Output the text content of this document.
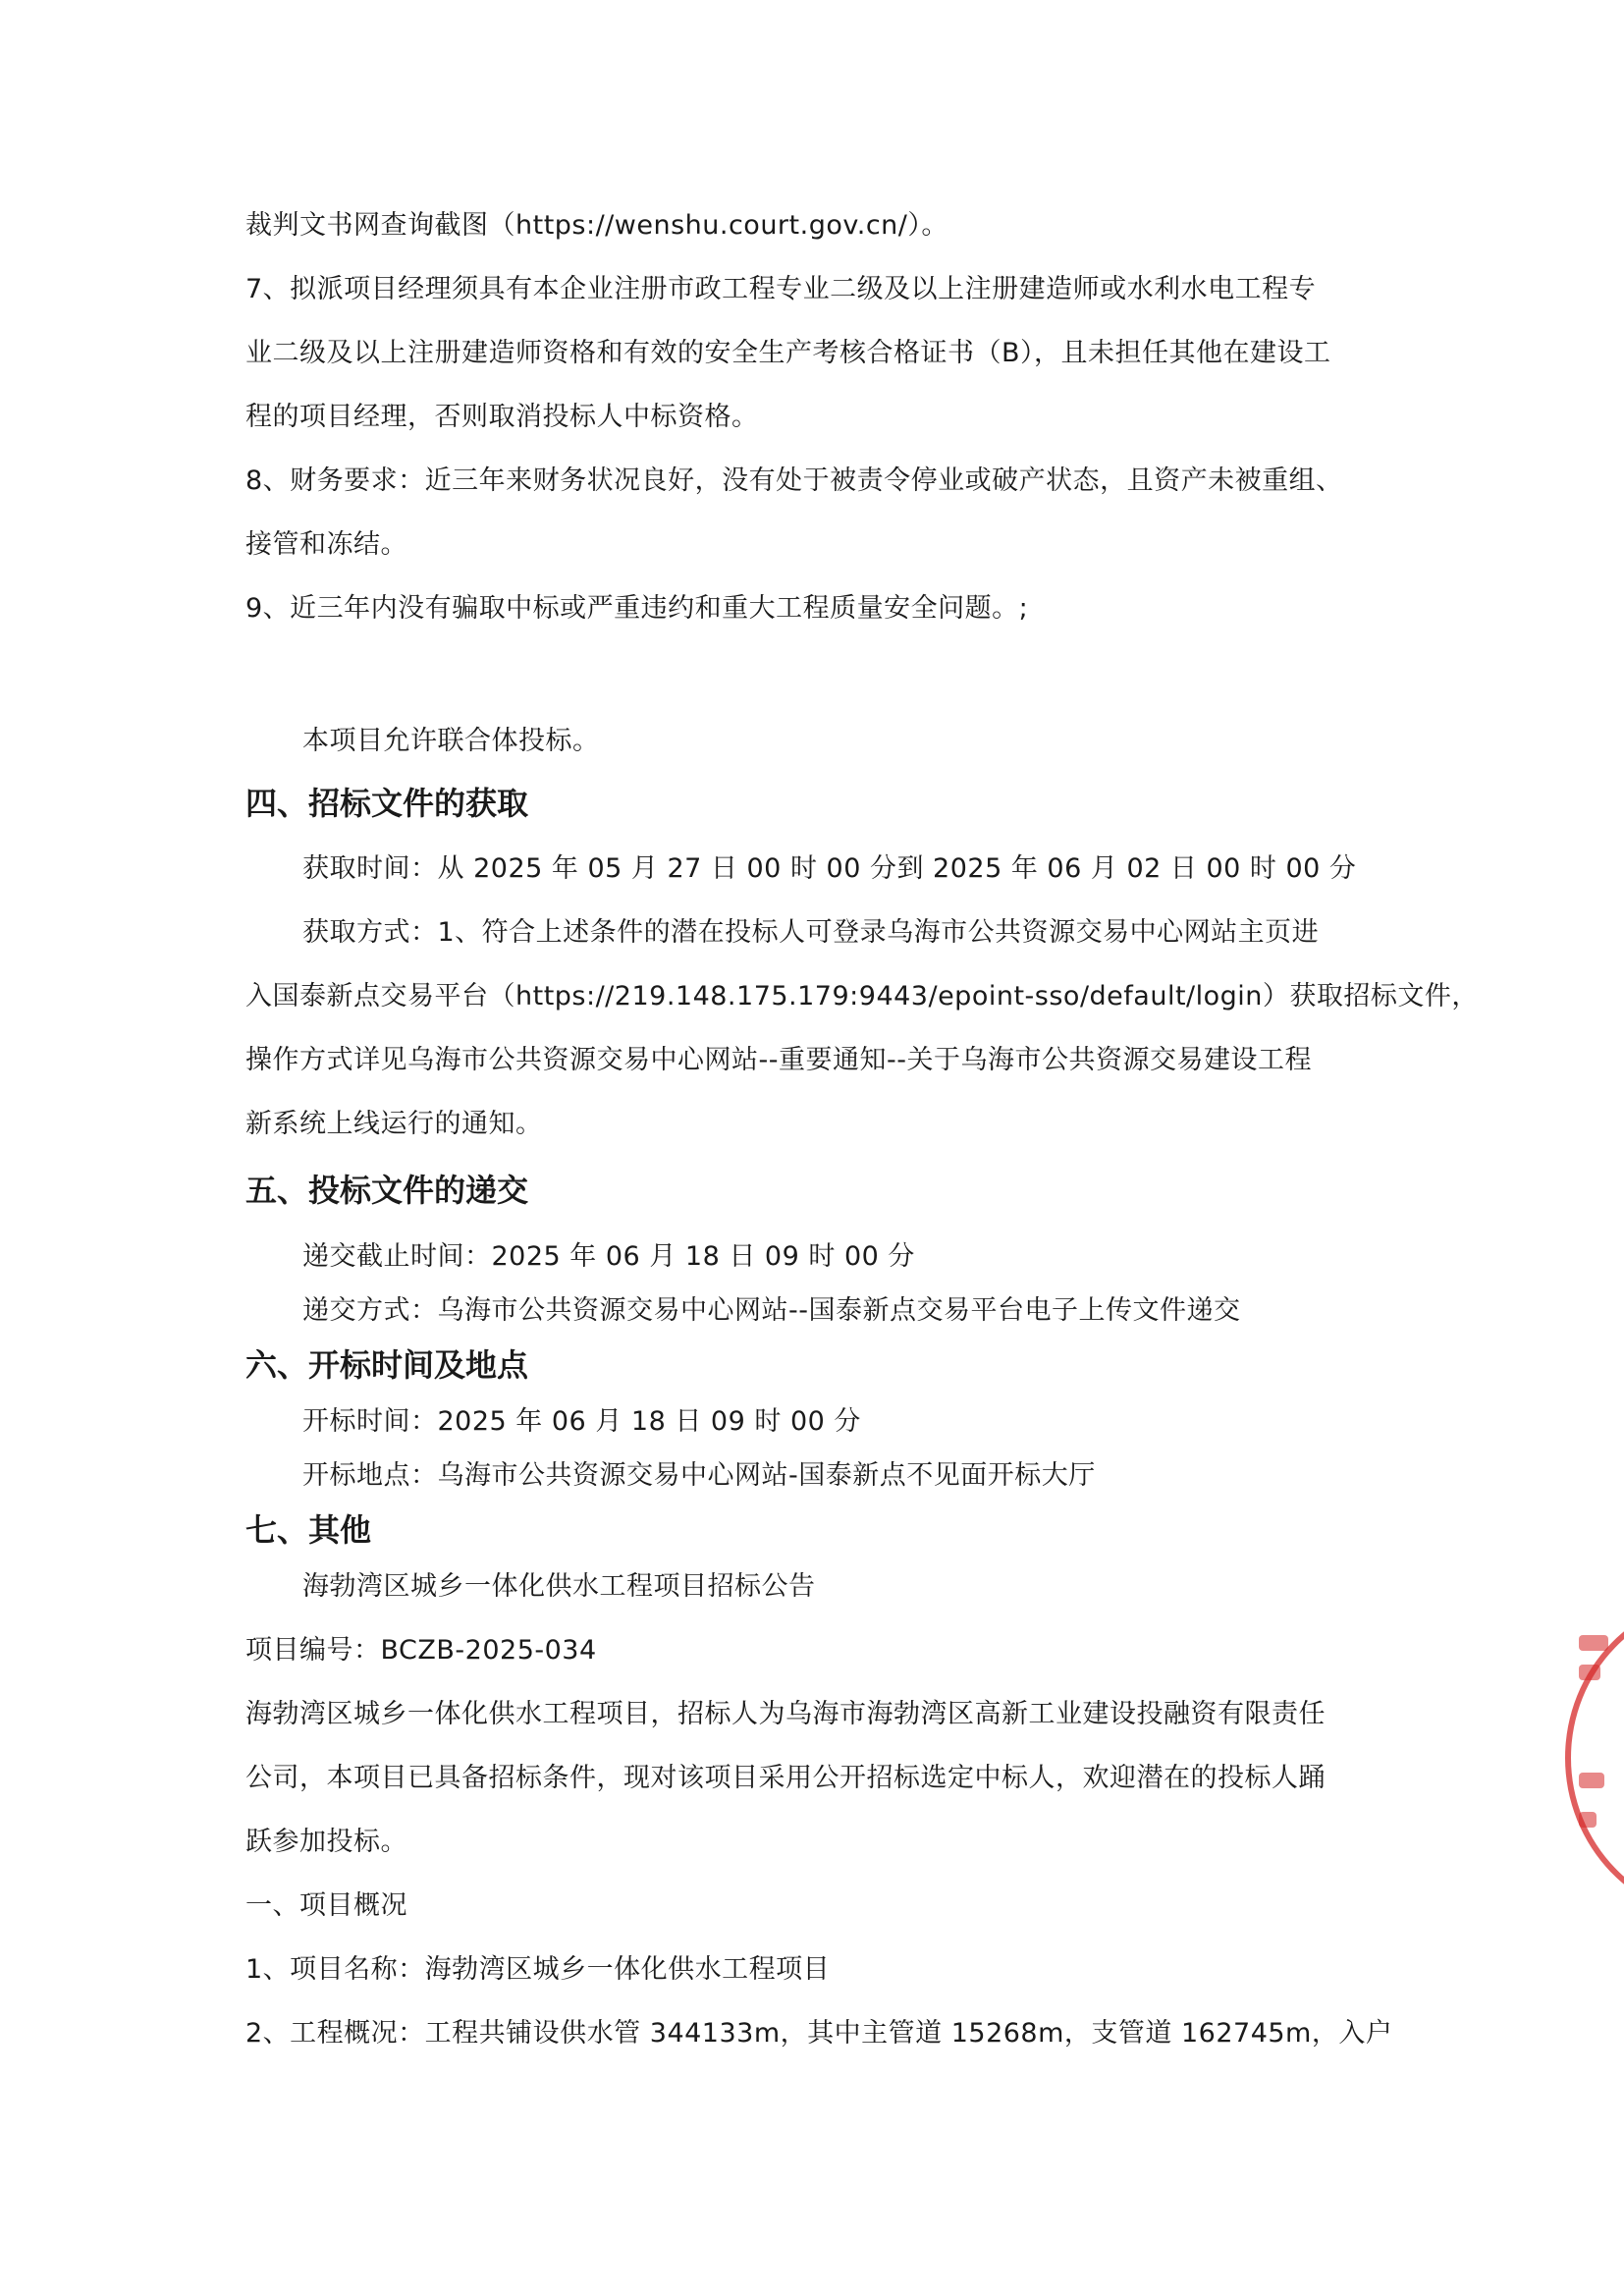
裁判文书网查询截图（https://wenshu.court.gov.cn/）。
7、拟派项目经理须具有本企业注册市政工程专业二级及以上注册建造师或水利水电工程专
业二级及以上注册建造师资格和有效的安全生产考核合格证书（B），且未担任其他在建设工
程的项目经理，否则取消投标人中标资格。
8、财务要求：近三年来财务状况良好，没有处于被责令停业或破产状态，且资产未被重组、
接管和冻结。
9、近三年内没有骗取中标或严重违约和重大工程质量安全问题。;
本项目允许联合体投标。
四、招标文件的获取
获取时间：从 2025 年 05 月 27 日 00 时 00 分到 2025 年 06 月 02 日 00 时 00 分
获取方式：1、符合上述条件的潜在投标人可登录乌海市公共资源交易中心网站主页进
入国泰新点交易平台（https://219.148.175.179:9443/epoint-sso/default/login）获取招标文件，
操作方式详见乌海市公共资源交易中心网站--重要通知--关于乌海市公共资源交易建设工程
新系统上线运行的通知。
五、投标文件的递交
递交截止时间：2025 年 06 月 18 日 09 时 00 分
递交方式：乌海市公共资源交易中心网站--国泰新点交易平台电子上传文件递交
六、开标时间及地点
开标时间：2025 年 06 月 18 日 09 时 00 分
开标地点：乌海市公共资源交易中心网站-国泰新点不见面开标大厅
七、其他
海勃湾区城乡一体化供水工程项目招标公告
项目编号：BCZB-2025-034
海勃湾区城乡一体化供水工程项目，招标人为乌海市海勃湾区高新工业建设投融资有限责任
公司，本项目已具备招标条件，现对该项目采用公开招标选定中标人，欢迎潜在的投标人踊
跃参加投标。
一、项目概况
1、项目名称：海勃湾区城乡一体化供水工程项目
2、工程概况：工程共铺设供水管 344133m，其中主管道 15268m，支管道 162745m，入户
